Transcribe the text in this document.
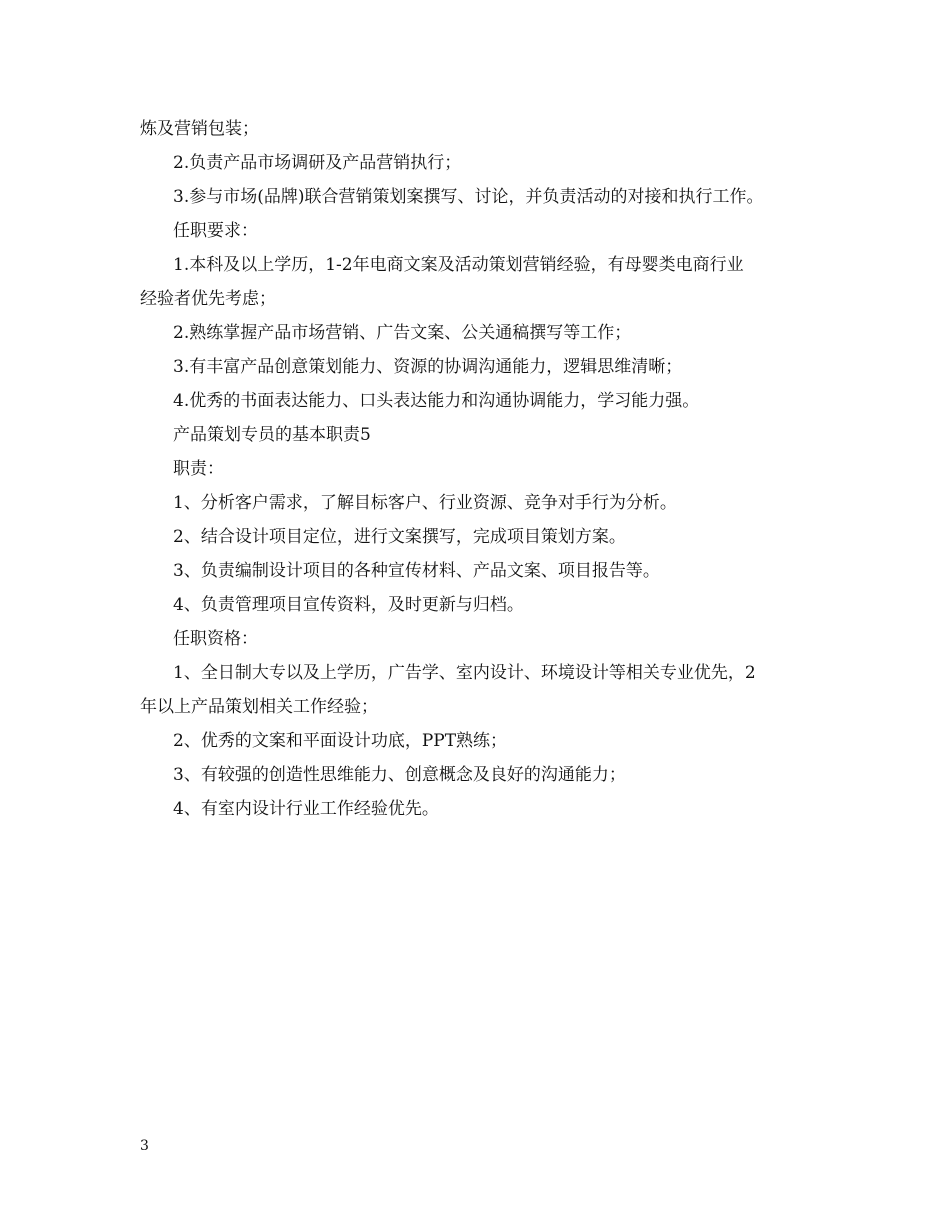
炼及营销包装；

2.负责产品市场调研及产品营销执行；

3.参与市场(品牌)联合营销策划案撰写、讨论，并负责活动的对接和执行工作。

任职要求：

1.本科及以上学历，1-2年电商文案及活动策划营销经验，有母婴类电商行业

经验者优先考虑；

2.熟练掌握产品市场营销、广告文案、公关通稿撰写等工作；

3.有丰富产品创意策划能力、资源的协调沟通能力，逻辑思维清晰；

4.优秀的书面表达能力、口头表达能力和沟通协调能力，学习能力强。

产品策划专员的基本职责5

职责：

1、分析客户需求，了解目标客户、行业资源、竞争对手行为分析。

2、结合设计项目定位，进行文案撰写，完成项目策划方案。

3、负责编制设计项目的各种宣传材料、产品文案、项目报告等。

4、负责管理项目宣传资料，及时更新与归档。

任职资格：

1、全日制大专以及上学历，广告学、室内设计、环境设计等相关专业优先，2

年以上产品策划相关工作经验；

2、优秀的文案和平面设计功底，PPT熟练；

3、有较强的创造性思维能力、创意概念及良好的沟通能力；

4、有室内设计行业工作经验优先。

3
